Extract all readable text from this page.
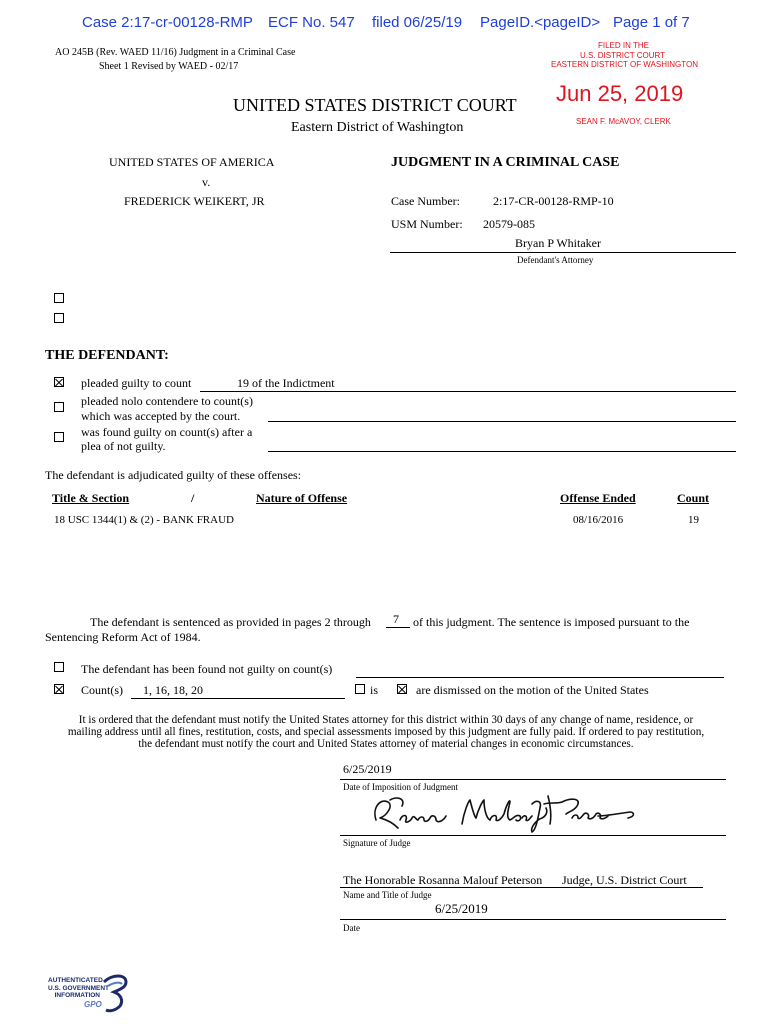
Case 2:17-cr-00128-RMP ECF No. 547 filed 06/25/19 PageID.<pageID> Page 1 of 7
AO 245B (Rev. WAED 11/16) Judgment in a Criminal Case
Sheet 1 Revised by WAED - 02/17
FILED IN THE
U.S. DISTRICT COURT
EASTERN DISTRICT OF WASHINGTON
Jun 25, 2019
SEAN F. McAVOY, CLERK
UNITED STATES DISTRICT COURT
Eastern District of Washington
UNITED STATES OF AMERICA
v.
FREDERICK WEIKERT, JR
JUDGMENT IN A CRIMINAL CASE
Case Number:	2:17-CR-00128-RMP-10
USM Number: 20579-085
Bryan P Whitaker
Defendant's Attorney
THE DEFENDANT:
pleaded guilty to count	19 of the Indictment
pleaded nolo contendere to count(s)
which was accepted by the court.
was found guilty on count(s) after a
plea of not guilty.
The defendant is adjudicated guilty of these offenses:
Title & Section	/	Nature of Offense	Offense Ended	Count
18 USC 1344(1) & (2) - BANK FRAUD	08/16/2016	19
The defendant is sentenced as provided in pages 2 through 7 of this judgment. The sentence is imposed pursuant to the
Sentencing Reform Act of 1984.
The defendant has been found not guilty on count(s)
Count(s) 1, 16, 18, 20	is	are dismissed on the motion of the United States
It is ordered that the defendant must notify the United States attorney for this district within 30 days of any change of name, residence, or
mailing address until all fines, restitution, costs, and special assessments imposed by this judgment are fully paid. If ordered to pay restitution,
the defendant must notify the court and United States attorney of material changes in economic circumstances.
6/25/2019
Date of Imposition of Judgment
Signature of Judge
The Honorable Rosanna Malouf Peterson Judge, U.S. District Court
Name and Title of Judge
6/25/2019
Date
AUTHENTICATED
U.S. GOVERNMENT
INFORMATION
GPO
